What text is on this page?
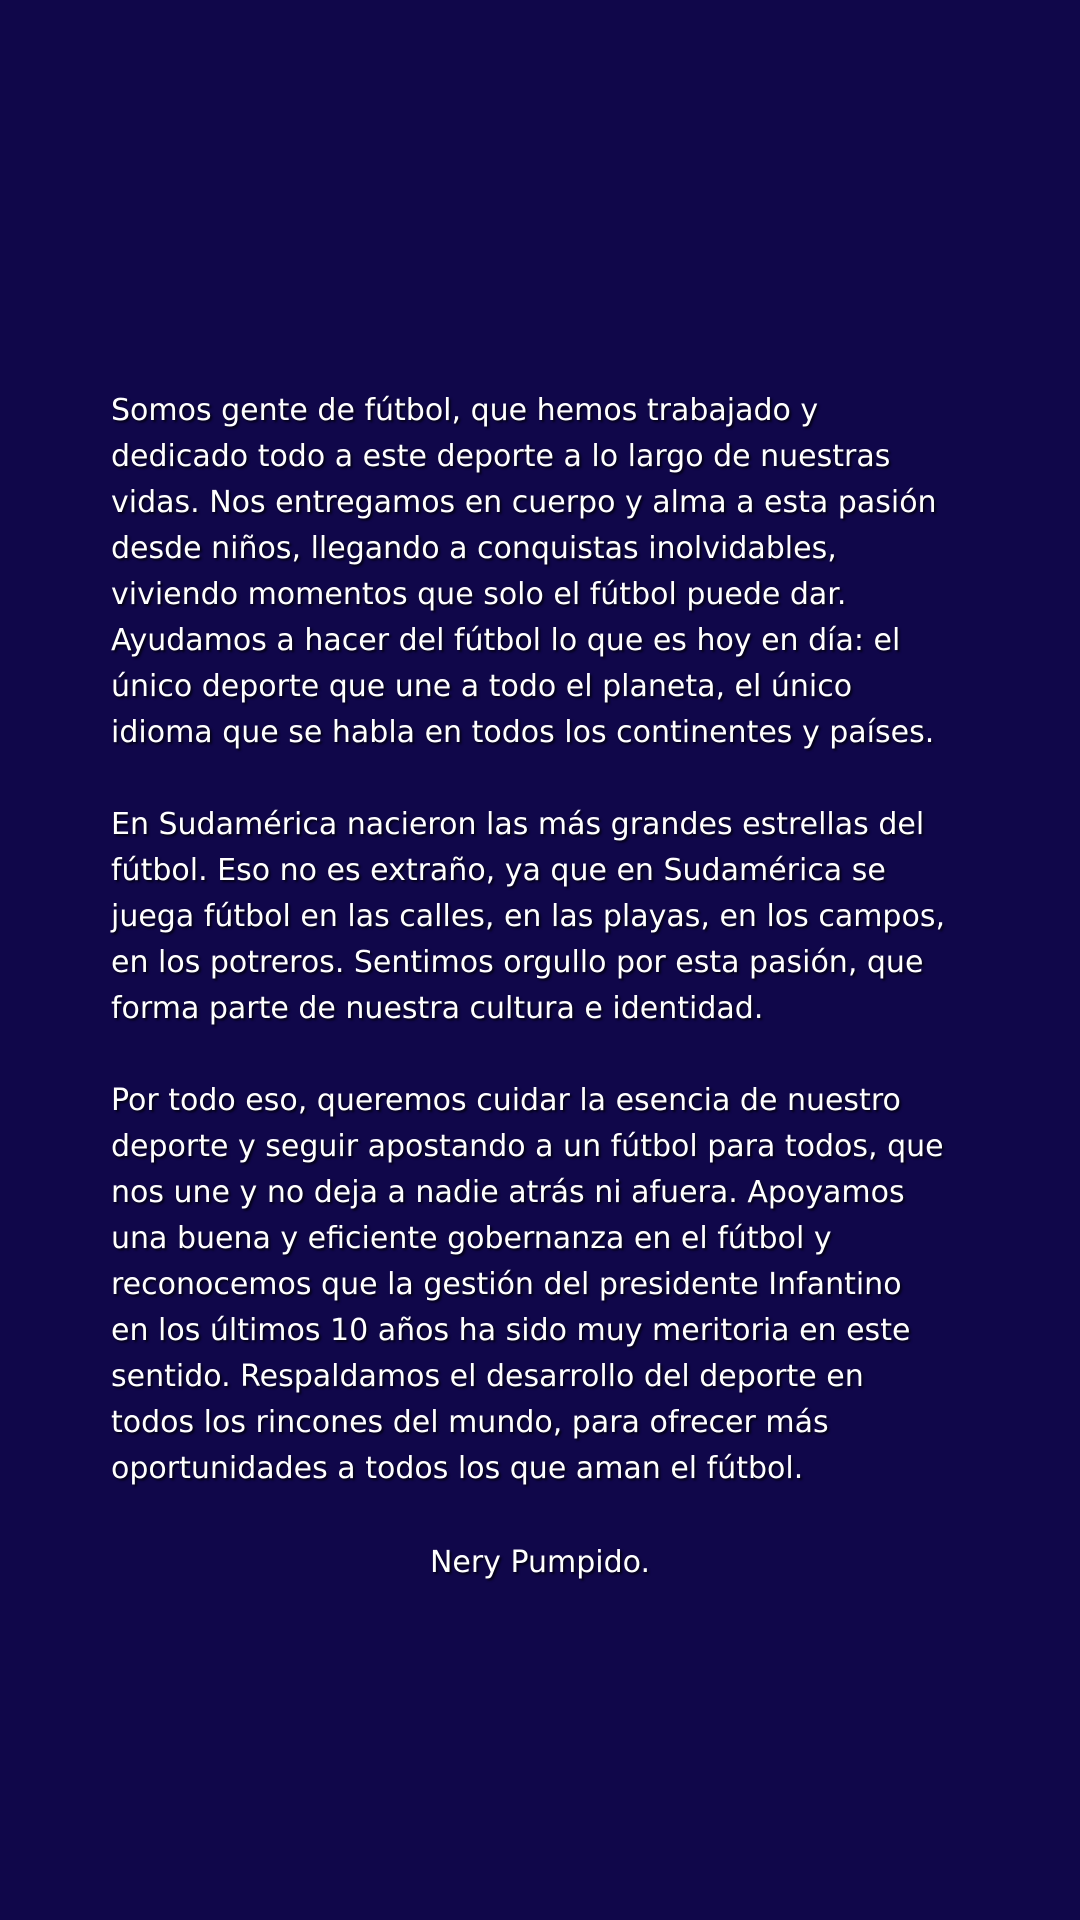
Somos gente de fútbol, que hemos trabajado y
dedicado todo a este deporte a lo largo de nuestras
vidas. Nos entregamos en cuerpo y alma a esta pasión
desde niños, llegando a conquistas inolvidables,
viviendo momentos que solo el fútbol puede dar.
Ayudamos a hacer del fútbol lo que es hoy en día: el
único deporte que une a todo el planeta, el único
idioma que se habla en todos los continentes y países.

En Sudamérica nacieron las más grandes estrellas del
fútbol. Eso no es extraño, ya que en Sudamérica se
juega fútbol en las calles, en las playas, en los campos,
en los potreros. Sentimos orgullo por esta pasión, que
forma parte de nuestra cultura e identidad.

Por todo eso, queremos cuidar la esencia de nuestro
deporte y seguir apostando a un fútbol para todos, que
nos une y no deja a nadie atrás ni afuera. Apoyamos
una buena y eficiente gobernanza en el fútbol y
reconocemos que la gestión del presidente Infantino
en los últimos 10 años ha sido muy meritoria en este
sentido. Respaldamos el desarrollo del deporte en
todos los rincones del mundo, para ofrecer más
oportunidades a todos los que aman el fútbol.

Nery Pumpido.
